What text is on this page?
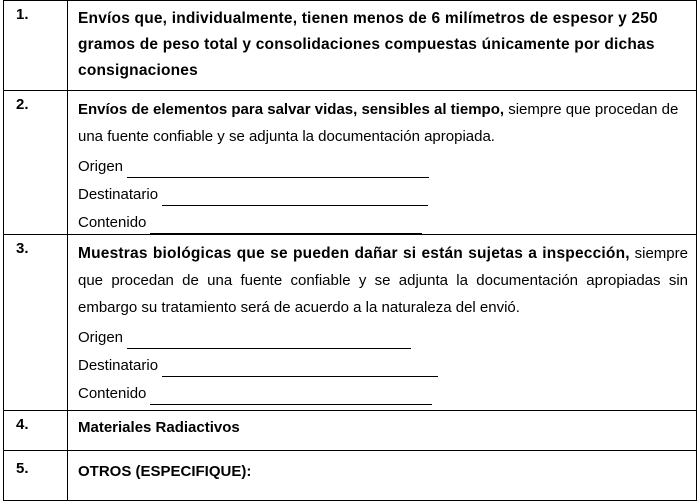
1.	Envíos que, individualmente, tienen menos de 6 milímetros de espesor y 250 gramos de peso total y consolidaciones compuestas únicamente por dichas consignaciones

2.	Envíos de elementos para salvar vidas, sensibles al tiempo, siempre que procedan de una fuente confiable y se adjunta la documentación apropiada.
Origen
Destinatario
Contenido

3.	Muestras biológicas que se pueden dañar si están sujetas a inspección, siempre que procedan de una fuente confiable y se adjunta la documentación apropiadas sin embargo su tratamiento será de acuerdo a la naturaleza del envió.
Origen
Destinatario
Contenido

4.	Materiales Radiactivos

5.	OTROS (ESPECIFIQUE):
